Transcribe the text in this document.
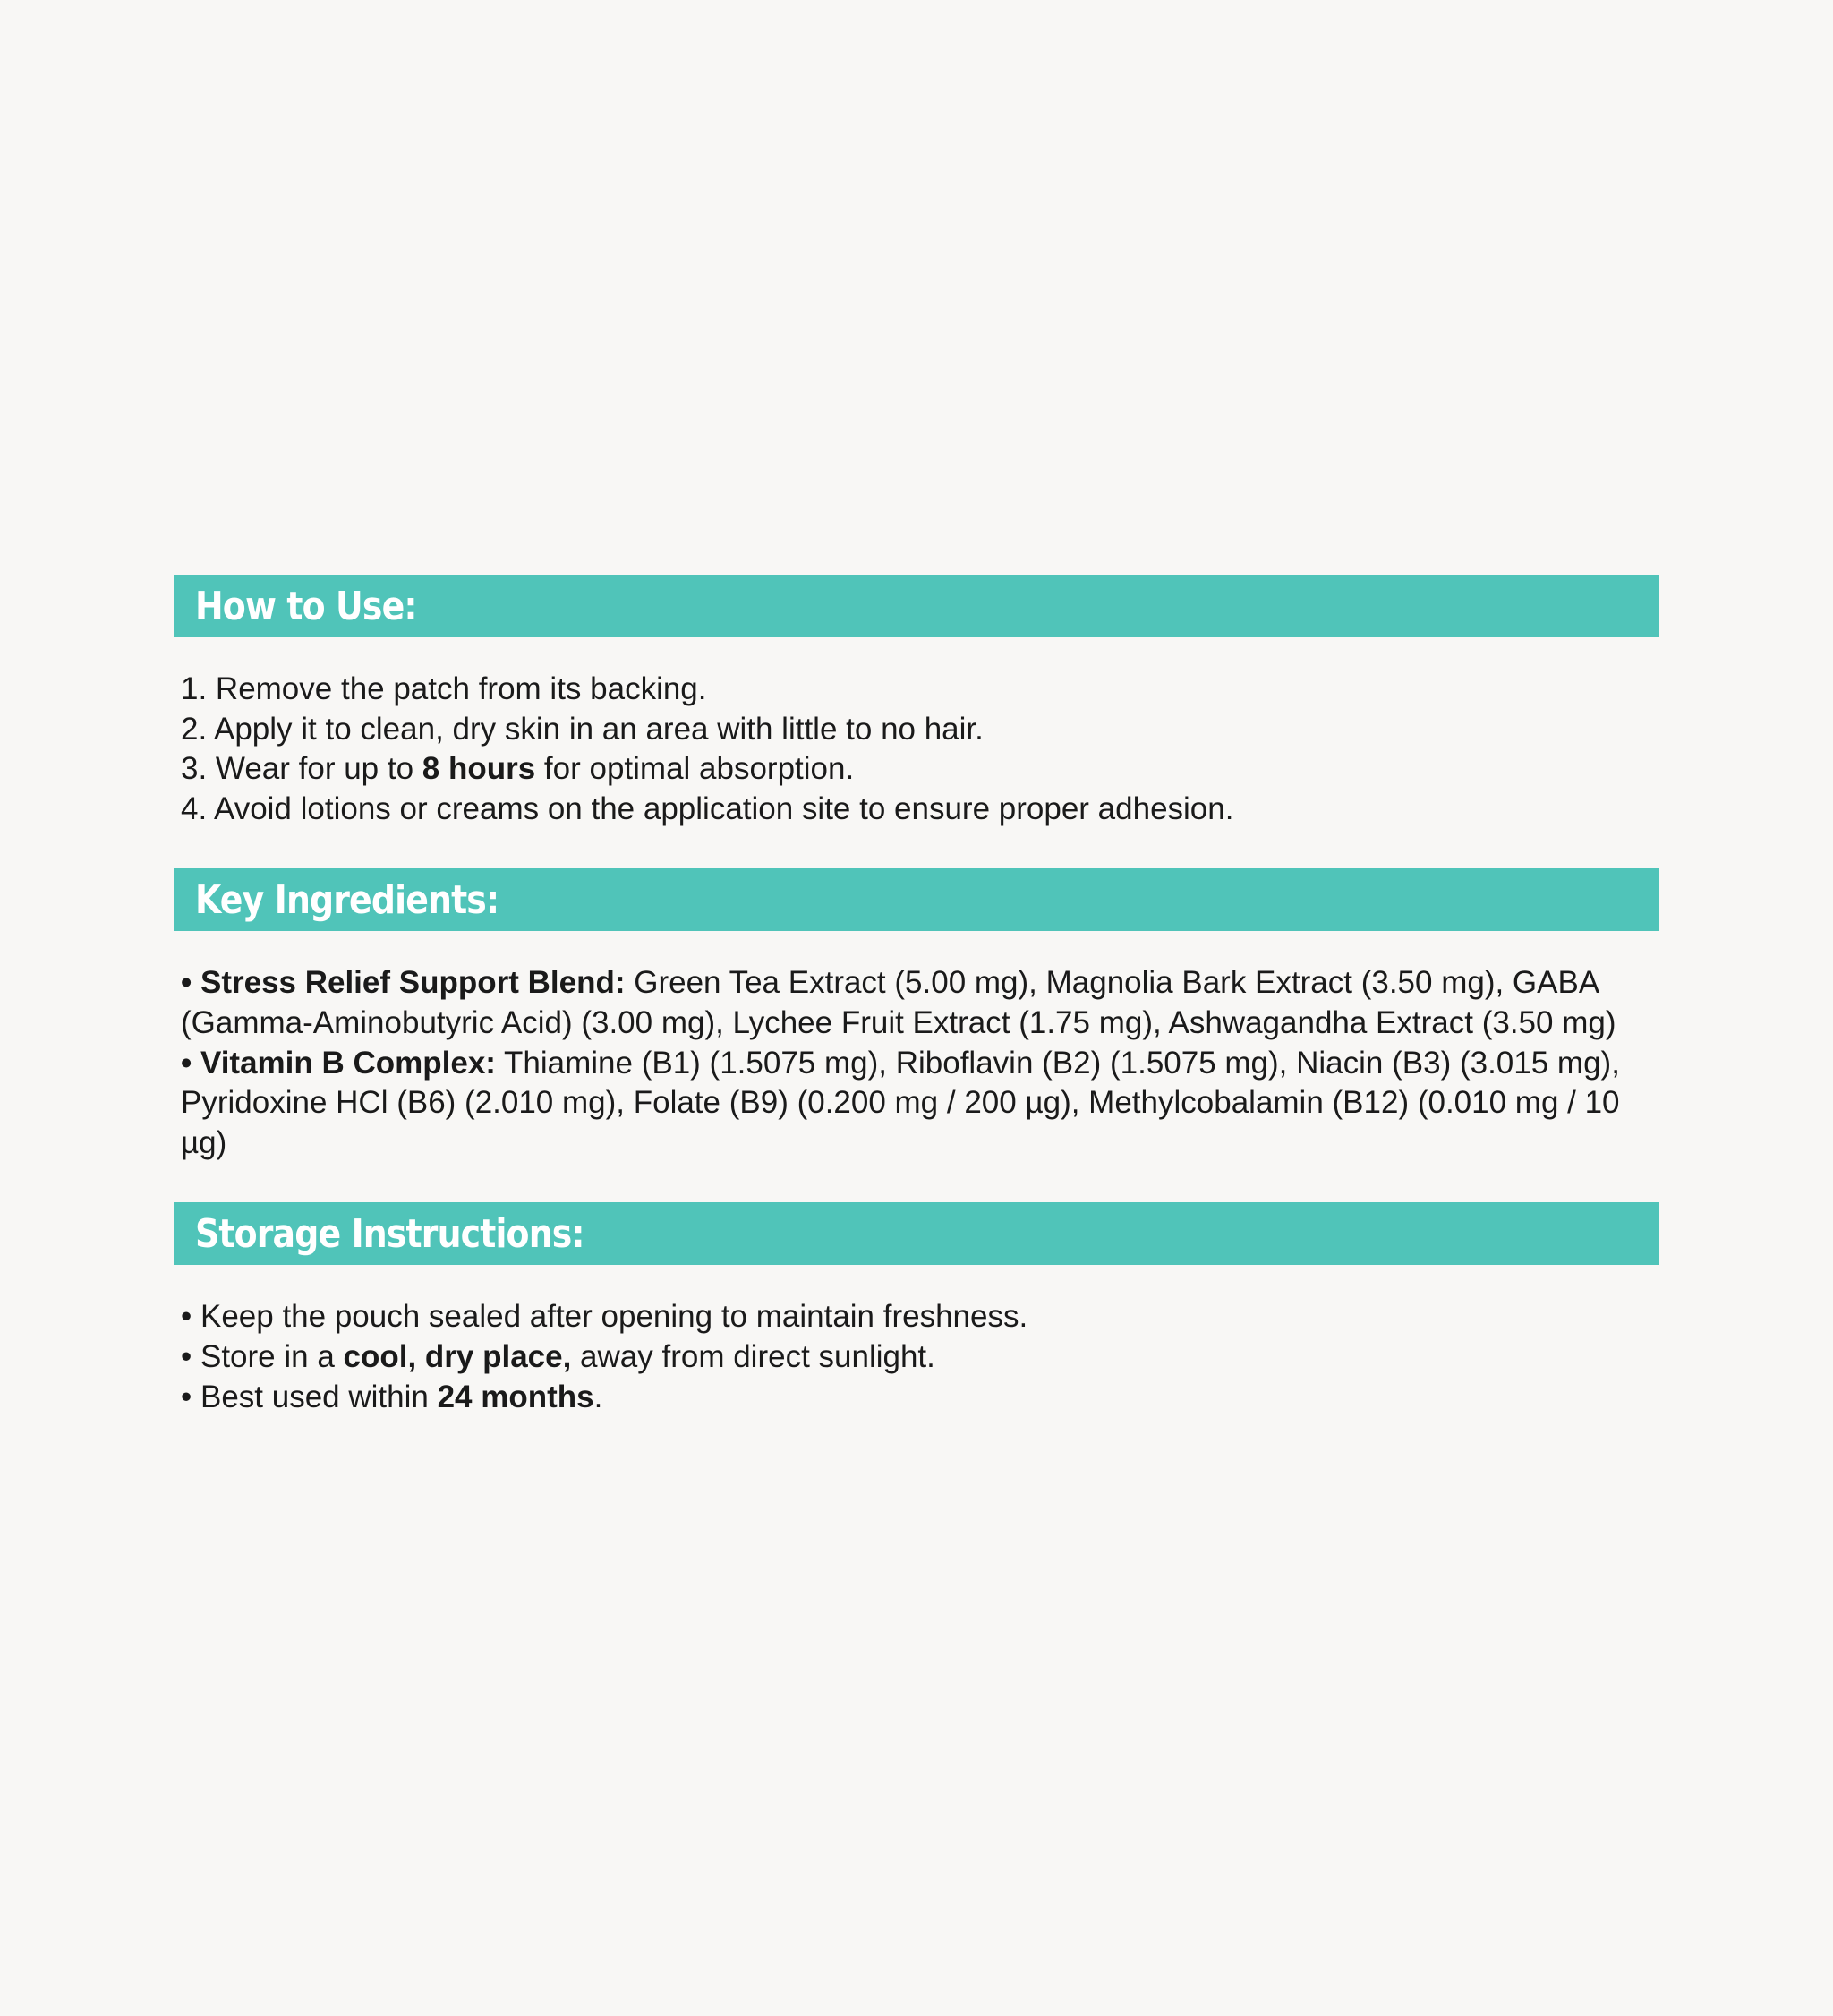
How to Use:

1. Remove the patch from its backing.

2. Apply it to clean, dry skin in an area with little to no hair.

3. Wear for up to 8 hours for optimal absorption.

4. Avoid lotions or creams on the application site to ensure proper adhesion.

Key Ingredients:

• Stress Relief Support Blend: Green Tea Extract (5.00 mg), Magnolia Bark Extract (3.50 mg), GABA (Gamma-Aminobutyric Acid) (3.00 mg), Lychee Fruit Extract (1.75 mg), Ashwagandha Extract (3.50 mg)

• Vitamin B Complex: Thiamine (B1) (1.5075 mg), Riboflavin (B2) (1.5075 mg), Niacin (B3) (3.015 mg), Pyridoxine HCl (B6) (2.010 mg), Folate (B9) (0.200 mg / 200 µg), Methylcobalamin (B12) (0.010 mg / 10 µg)

Storage Instructions:

• Keep the pouch sealed after opening to maintain freshness.

• Store in a cool, dry place, away from direct sunlight.

• Best used within 24 months.
